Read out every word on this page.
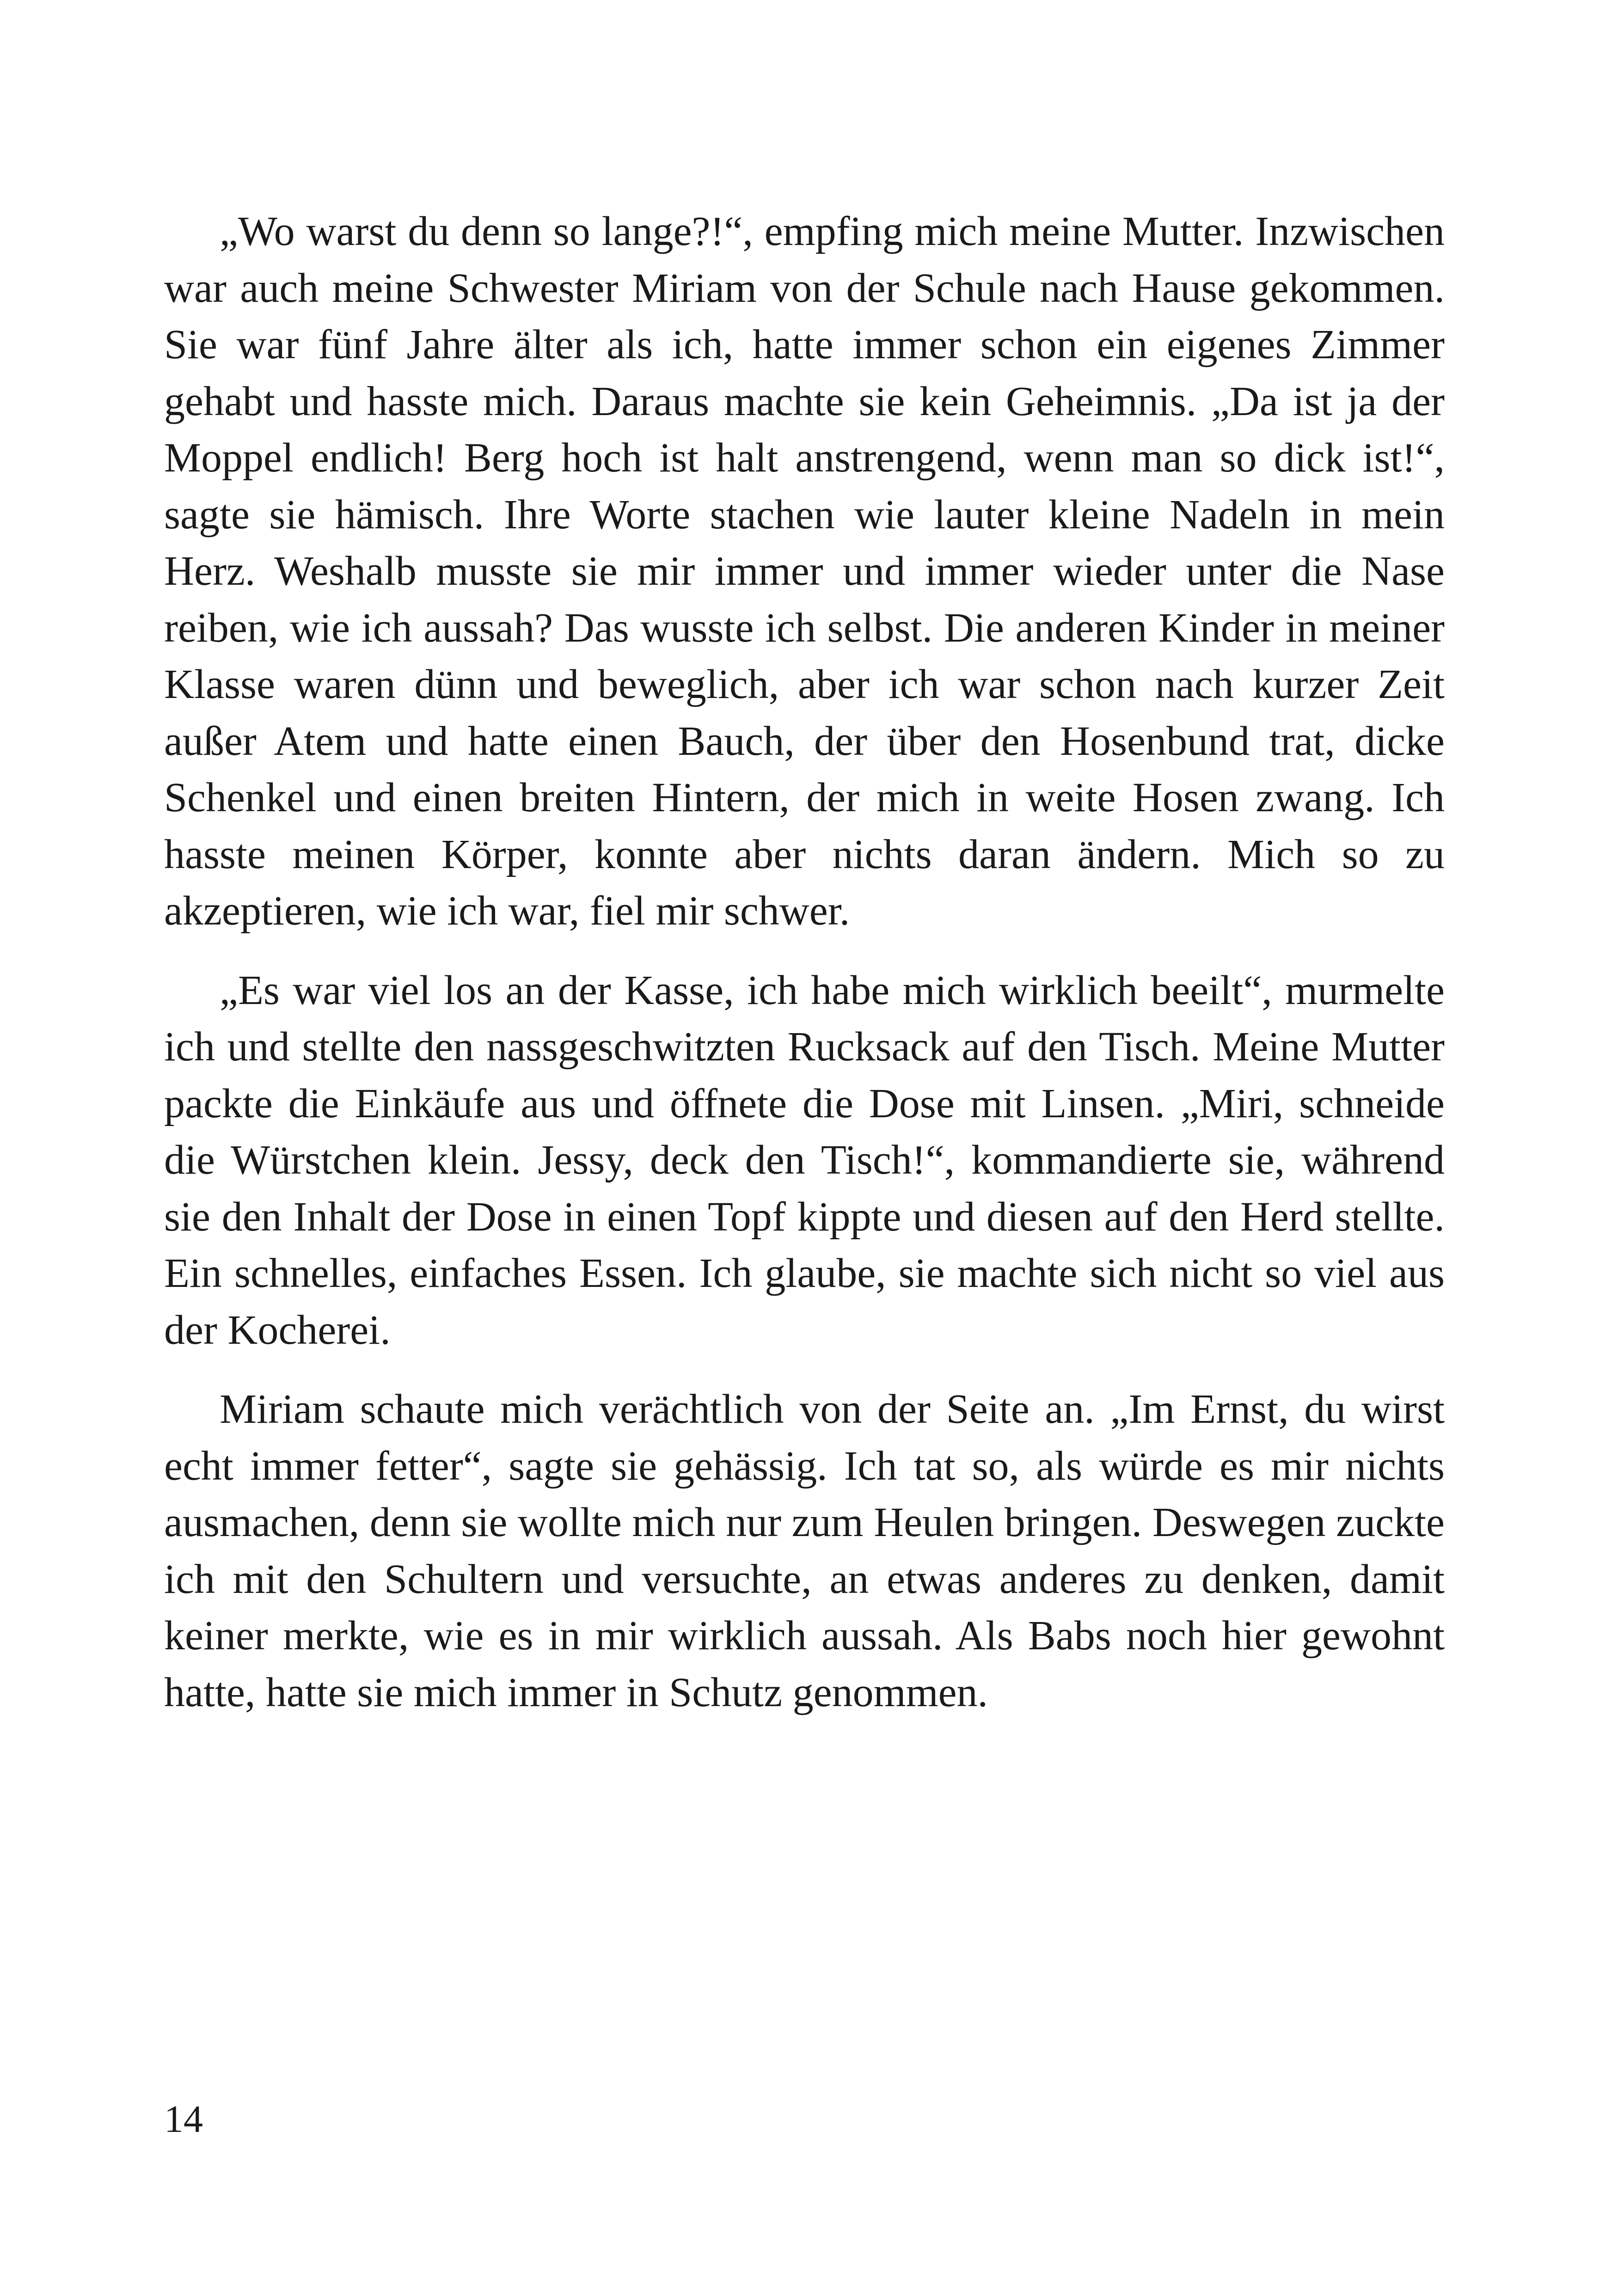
„Wo warst du denn so lange?!“, empfing mich meine Mutter. Inzwischen war auch meine Schwester Miriam von der Schule nach Hause gekommen. Sie war fünf Jahre älter als ich, hatte immer schon ein eigenes Zimmer gehabt und hasste mich. Daraus machte sie kein Geheimnis. „Da ist ja der Moppel endlich! Berg hoch ist halt anstrengend, wenn man so dick ist!“, sagte sie hämisch. Ihre Worte stachen wie lauter kleine Nadeln in mein Herz. Weshalb musste sie mir immer und immer wieder unter die Nase reiben, wie ich aussah? Das wusste ich selbst. Die anderen Kinder in meiner Klasse waren dünn und beweglich, aber ich war schon nach kurzer Zeit außer Atem und hatte einen Bauch, der über den Hosenbund trat, dicke Schenkel und einen breiten Hintern, der mich in weite Hosen zwang. Ich hasste meinen Körper, konnte aber nichts daran ändern. Mich so zu akzeptieren, wie ich war, fiel mir schwer.

„Es war viel los an der Kasse, ich habe mich wirklich beeilt“, murmelte ich und stellte den nassgeschwitzten Rucksack auf den Tisch. Meine Mutter packte die Einkäufe aus und öffnete die Dose mit Linsen. „Miri, schneide die Würstchen klein. Jessy, deck den Tisch!“, kommandierte sie, während sie den Inhalt der Dose in einen Topf kippte und diesen auf den Herd stellte. Ein schnelles, einfaches Essen. Ich glaube, sie machte sich nicht so viel aus der Kocherei.

Miriam schaute mich verächtlich von der Seite an. „Im Ernst, du wirst echt immer fetter“, sagte sie gehässig. Ich tat so, als würde es mir nichts ausmachen, denn sie wollte mich nur zum Heulen bringen. Deswegen zuckte ich mit den Schultern und versuchte, an etwas anderes zu denken, damit keiner merkte, wie es in mir wirklich aussah. Als Babs noch hier gewohnt hatte, hatte sie mich immer in Schutz genommen.

14
